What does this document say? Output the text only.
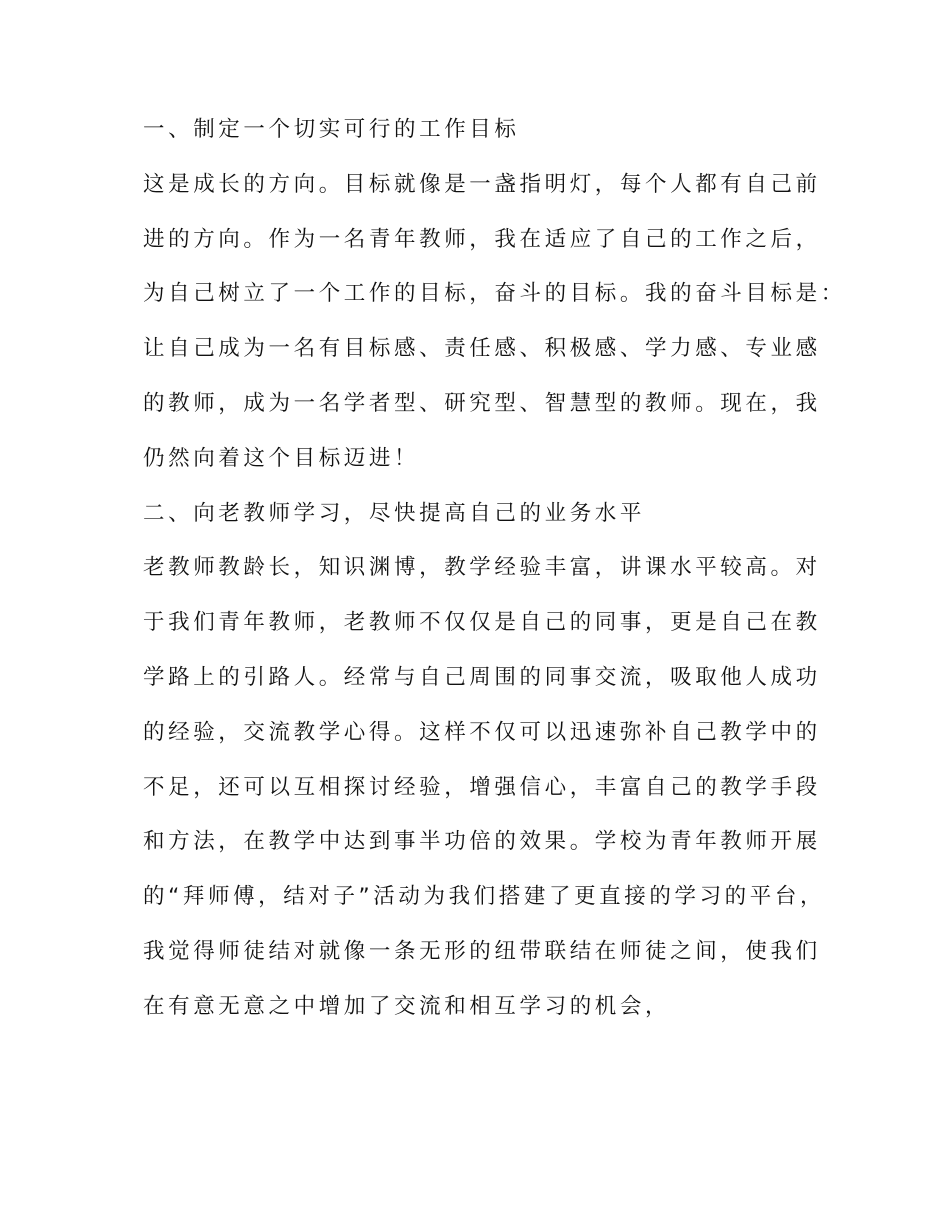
一、制定一个切实可行的工作目标
这是成长的方向。目标就像是一盏指明灯，每个人都有自己前
进的方向。作为一名青年教师，我在适应了自己的工作之后，
为自己树立了一个工作的目标，奋斗的目标。我的奋斗目标是：
让自己成为一名有目标感、责任感、积极感、学力感、专业感
的教师，成为一名学者型、研究型、智慧型的教师。现在，我
仍然向着这个目标迈进！
二、向老教师学习，尽快提高自己的业务水平
老教师教龄长，知识渊博，教学经验丰富，讲课水平较高。对
于我们青年教师，老教师不仅仅是自己的同事，更是自己在教
学路上的引路人。经常与自己周围的同事交流，吸取他人成功
的经验，交流教学心得。这样不仅可以迅速弥补自己教学中的
不足，还可以互相探讨经验，增强信心，丰富自己的教学手段
和方法，在教学中达到事半功倍的效果。学校为青年教师开展
的“拜师傅，结对子”活动为我们搭建了更直接的学习的平台，
我觉得师徒结对就像一条无形的纽带联结在师徒之间，使我们
在有意无意之中增加了交流和相互学习的机会，
